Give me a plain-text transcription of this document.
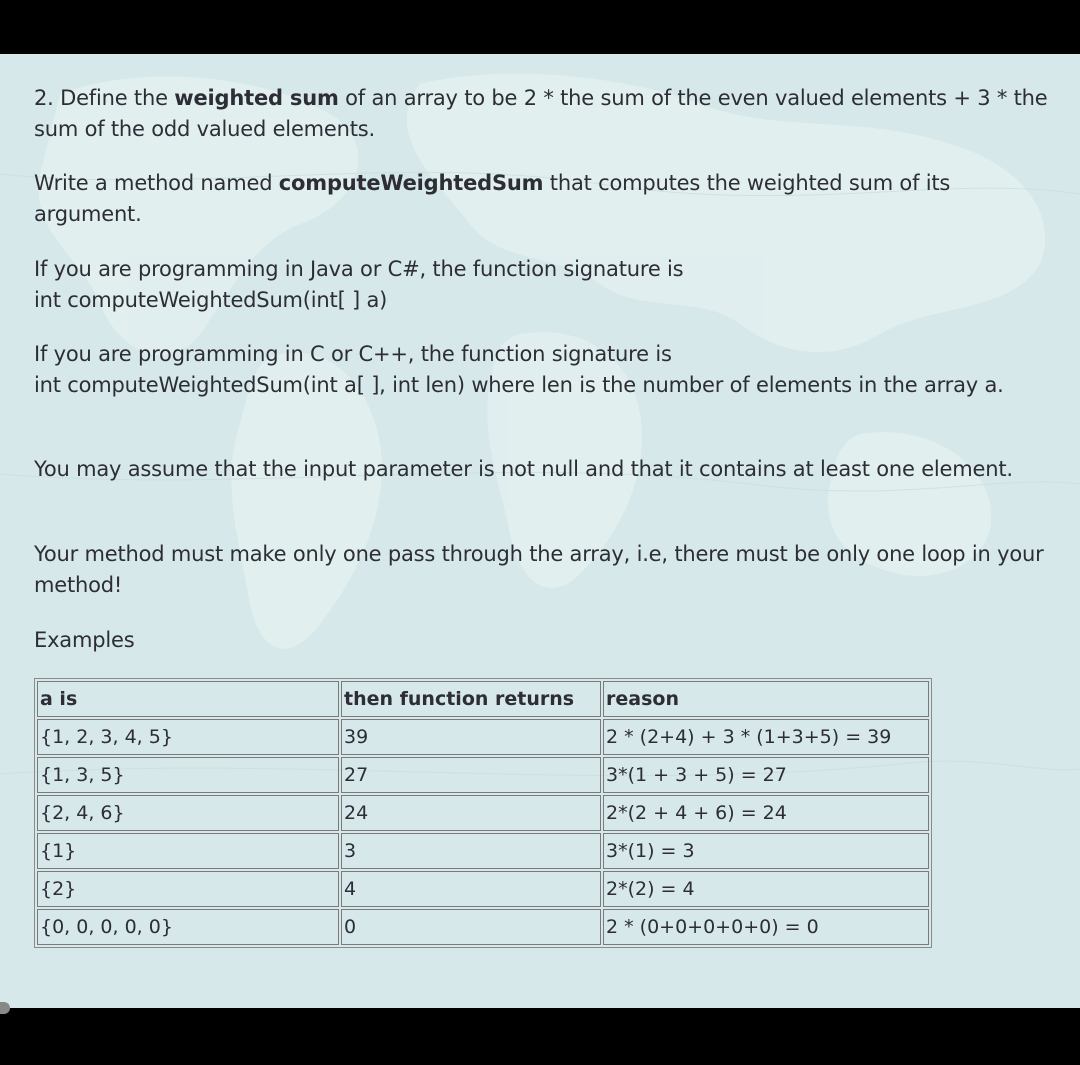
2. Define the weighted sum of an array to be 2 * the sum of the even valued elements + 3 * the sum of the odd valued elements.

Write a method named computeWeightedSum that computes the weighted sum of its argument.

If you are programming in Java or C#, the function signature is
int computeWeightedSum(int[ ] a)

If you are programming in C or C++, the function signature is
int computeWeightedSum(int a[ ], int len) where len is the number of elements in the array a.

You may assume that the input parameter is not null and that it contains at least one element.

Your method must make only one pass through the array, i.e, there must be only one loop in your method!

Examples

a is	then function returns	reason
{1, 2, 3, 4, 5}	39	2 * (2+4) + 3 * (1+3+5) = 39
{1, 3, 5}	27	3*(1 + 3 + 5) = 27
{2, 4, 6}	24	2*(2 + 4 + 6) = 24
{1}	3	3*(1) = 3
{2}	4	2*(2) = 4
{0, 0, 0, 0, 0}	0	2 * (0+0+0+0+0) = 0
